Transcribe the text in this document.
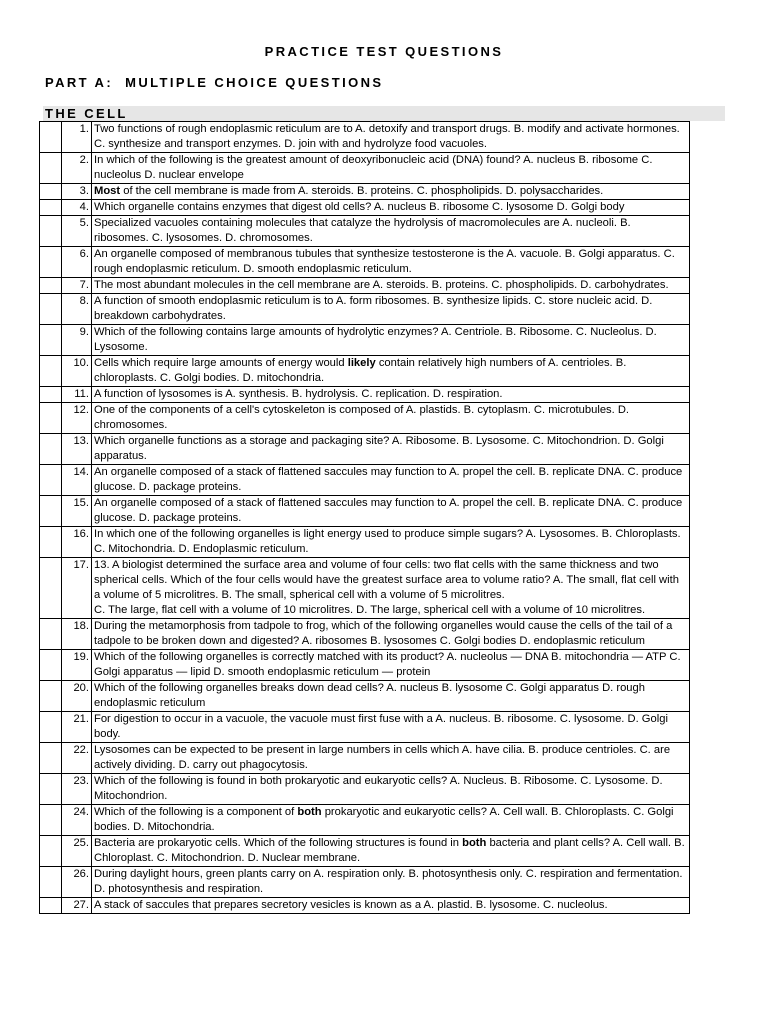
PRACTICE TEST QUESTIONS
PART A:  MULTIPLE CHOICE QUESTIONS
THE CELL
	1.	Two functions of rough endoplasmic reticulum are to A. detoxify and transport drugs. B. modify and activate hormones. C. synthesize and transport enzymes. D. join with and hydrolyze food vacuoles.
	2.	In which of the following is the greatest amount of deoxyribonucleic acid (DNA) found? A. nucleus B. ribosome C. nucleolus D. nuclear envelope
	3.	Most of the cell membrane is made from A. steroids. B. proteins. C. phospholipids. D. polysaccharides.
	4.	Which organelle contains enzymes that digest old cells? A. nucleus B. ribosome C. lysosome D. Golgi body
	5.	Specialized vacuoles containing molecules that catalyze the hydrolysis of macromolecules are A. nucleoli. B. ribosomes. C. lysosomes. D. chromosomes.
	6.	An organelle composed of membranous tubules that synthesize testosterone is the A. vacuole. B. Golgi apparatus. C. rough endoplasmic reticulum. D. smooth endoplasmic reticulum.
	7.	The most abundant molecules in the cell membrane are A. steroids. B. proteins. C. phospholipids. D. carbohydrates.
	8.	A function of smooth endoplasmic reticulum is to A. form ribosomes. B. synthesize lipids. C. store nucleic acid. D. breakdown carbohydrates.
	9.	Which of the following contains large amounts of hydrolytic enzymes? A. Centriole. B. Ribosome. C. Nucleolus. D. Lysosome.
	10.	Cells which require large amounts of energy would likely contain relatively high numbers of A. centrioles. B. chloroplasts. C. Golgi bodies. D. mitochondria.
	11.	A function of lysosomes is A. synthesis. B. hydrolysis. C. replication. D. respiration.
	12.	One of the components of a cell's cytoskeleton is composed of A. plastids. B. cytoplasm. C. microtubules. D. chromosomes.
	13.	Which organelle functions as a storage and packaging site? A. Ribosome. B. Lysosome. C. Mitochondrion. D. Golgi apparatus.
	14.	An organelle composed of a stack of flattened saccules may function to A. propel the cell. B. replicate DNA. C. produce glucose. D. package proteins.
	15.	An organelle composed of a stack of flattened saccules may function to A. propel the cell. B. replicate DNA. C. produce glucose. D. package proteins.
	16.	In which one of the following organelles is light energy used to produce simple sugars? A. Lysosomes. B. Chloroplasts. C. Mitochondria. D. Endoplasmic reticulum.
	17.	13. A biologist determined the surface area and volume of four cells: two flat cells with the same thickness and two spherical cells. Which of the four cells would have the greatest surface area to volume ratio? A. The small, flat cell with a volume of 5 microlitres. B. The small, spherical cell with a volume of 5 microlitres.
C. The large, flat cell with a volume of 10 microlitres. D. The large, spherical cell with a volume of 10 microlitres.
	18.	During the metamorphosis from tadpole to frog, which of the following organelles would cause the cells of the tail of a tadpole to be broken down and digested? A. ribosomes B. lysosomes C. Golgi bodies D. endoplasmic reticulum
	19.	Which of the following organelles is correctly matched with its product? A. nucleolus — DNA B. mitochondria — ATP C. Golgi apparatus — lipid D. smooth endoplasmic reticulum — protein
	20.	Which of the following organelles breaks down dead cells? A. nucleus B. lysosome C. Golgi apparatus D. rough endoplasmic reticulum
	21.	For digestion to occur in a vacuole, the vacuole must first fuse with a A. nucleus. B. ribosome. C. lysosome. D. Golgi body.
	22.	Lysosomes can be expected to be present in large numbers in cells which A. have cilia. B. produce centrioles. C. are actively dividing. D. carry out phagocytosis.
	23.	Which of the following is found in both prokaryotic and eukaryotic cells? A. Nucleus. B. Ribosome. C. Lysosome. D. Mitochondrion.
	24.	Which of the following is a component of both prokaryotic and eukaryotic cells? A. Cell wall. B. Chloroplasts. C. Golgi bodies. D. Mitochondria.
	25.	Bacteria are prokaryotic cells. Which of the following structures is found in both bacteria and plant cells? A. Cell wall. B. Chloroplast. C. Mitochondrion. D. Nuclear membrane.
	26.	During daylight hours, green plants carry on A. respiration only. B. photosynthesis only. C. respiration and fermentation. D. photosynthesis and respiration.
	27.	A stack of saccules that prepares secretory vesicles is known as a A. plastid. B. lysosome. C. nucleolus.
